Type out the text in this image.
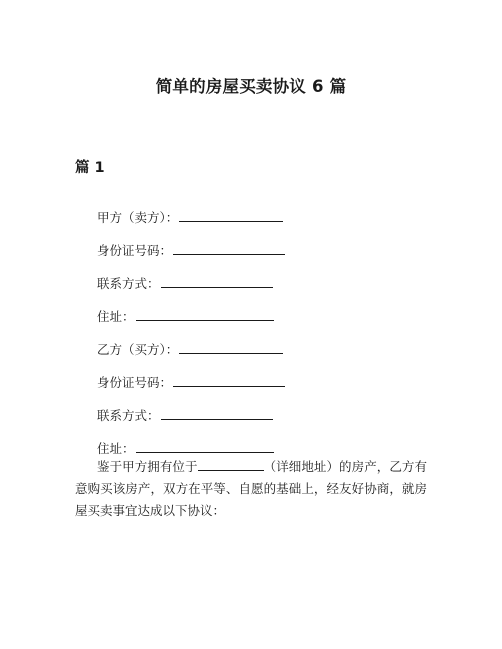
简单的房屋买卖协议 6 篇
篇 1
甲方（卖方）：
身份证号码：
联系方式：
住址：
乙方（买方）：
身份证号码：
联系方式：
住址：
鉴于甲方拥有位于	（详细地址）的房产，乙方有意购买该房产，双方在平等、自愿的基础上，经友好协商，就房屋买卖事宜达成以下协议：
